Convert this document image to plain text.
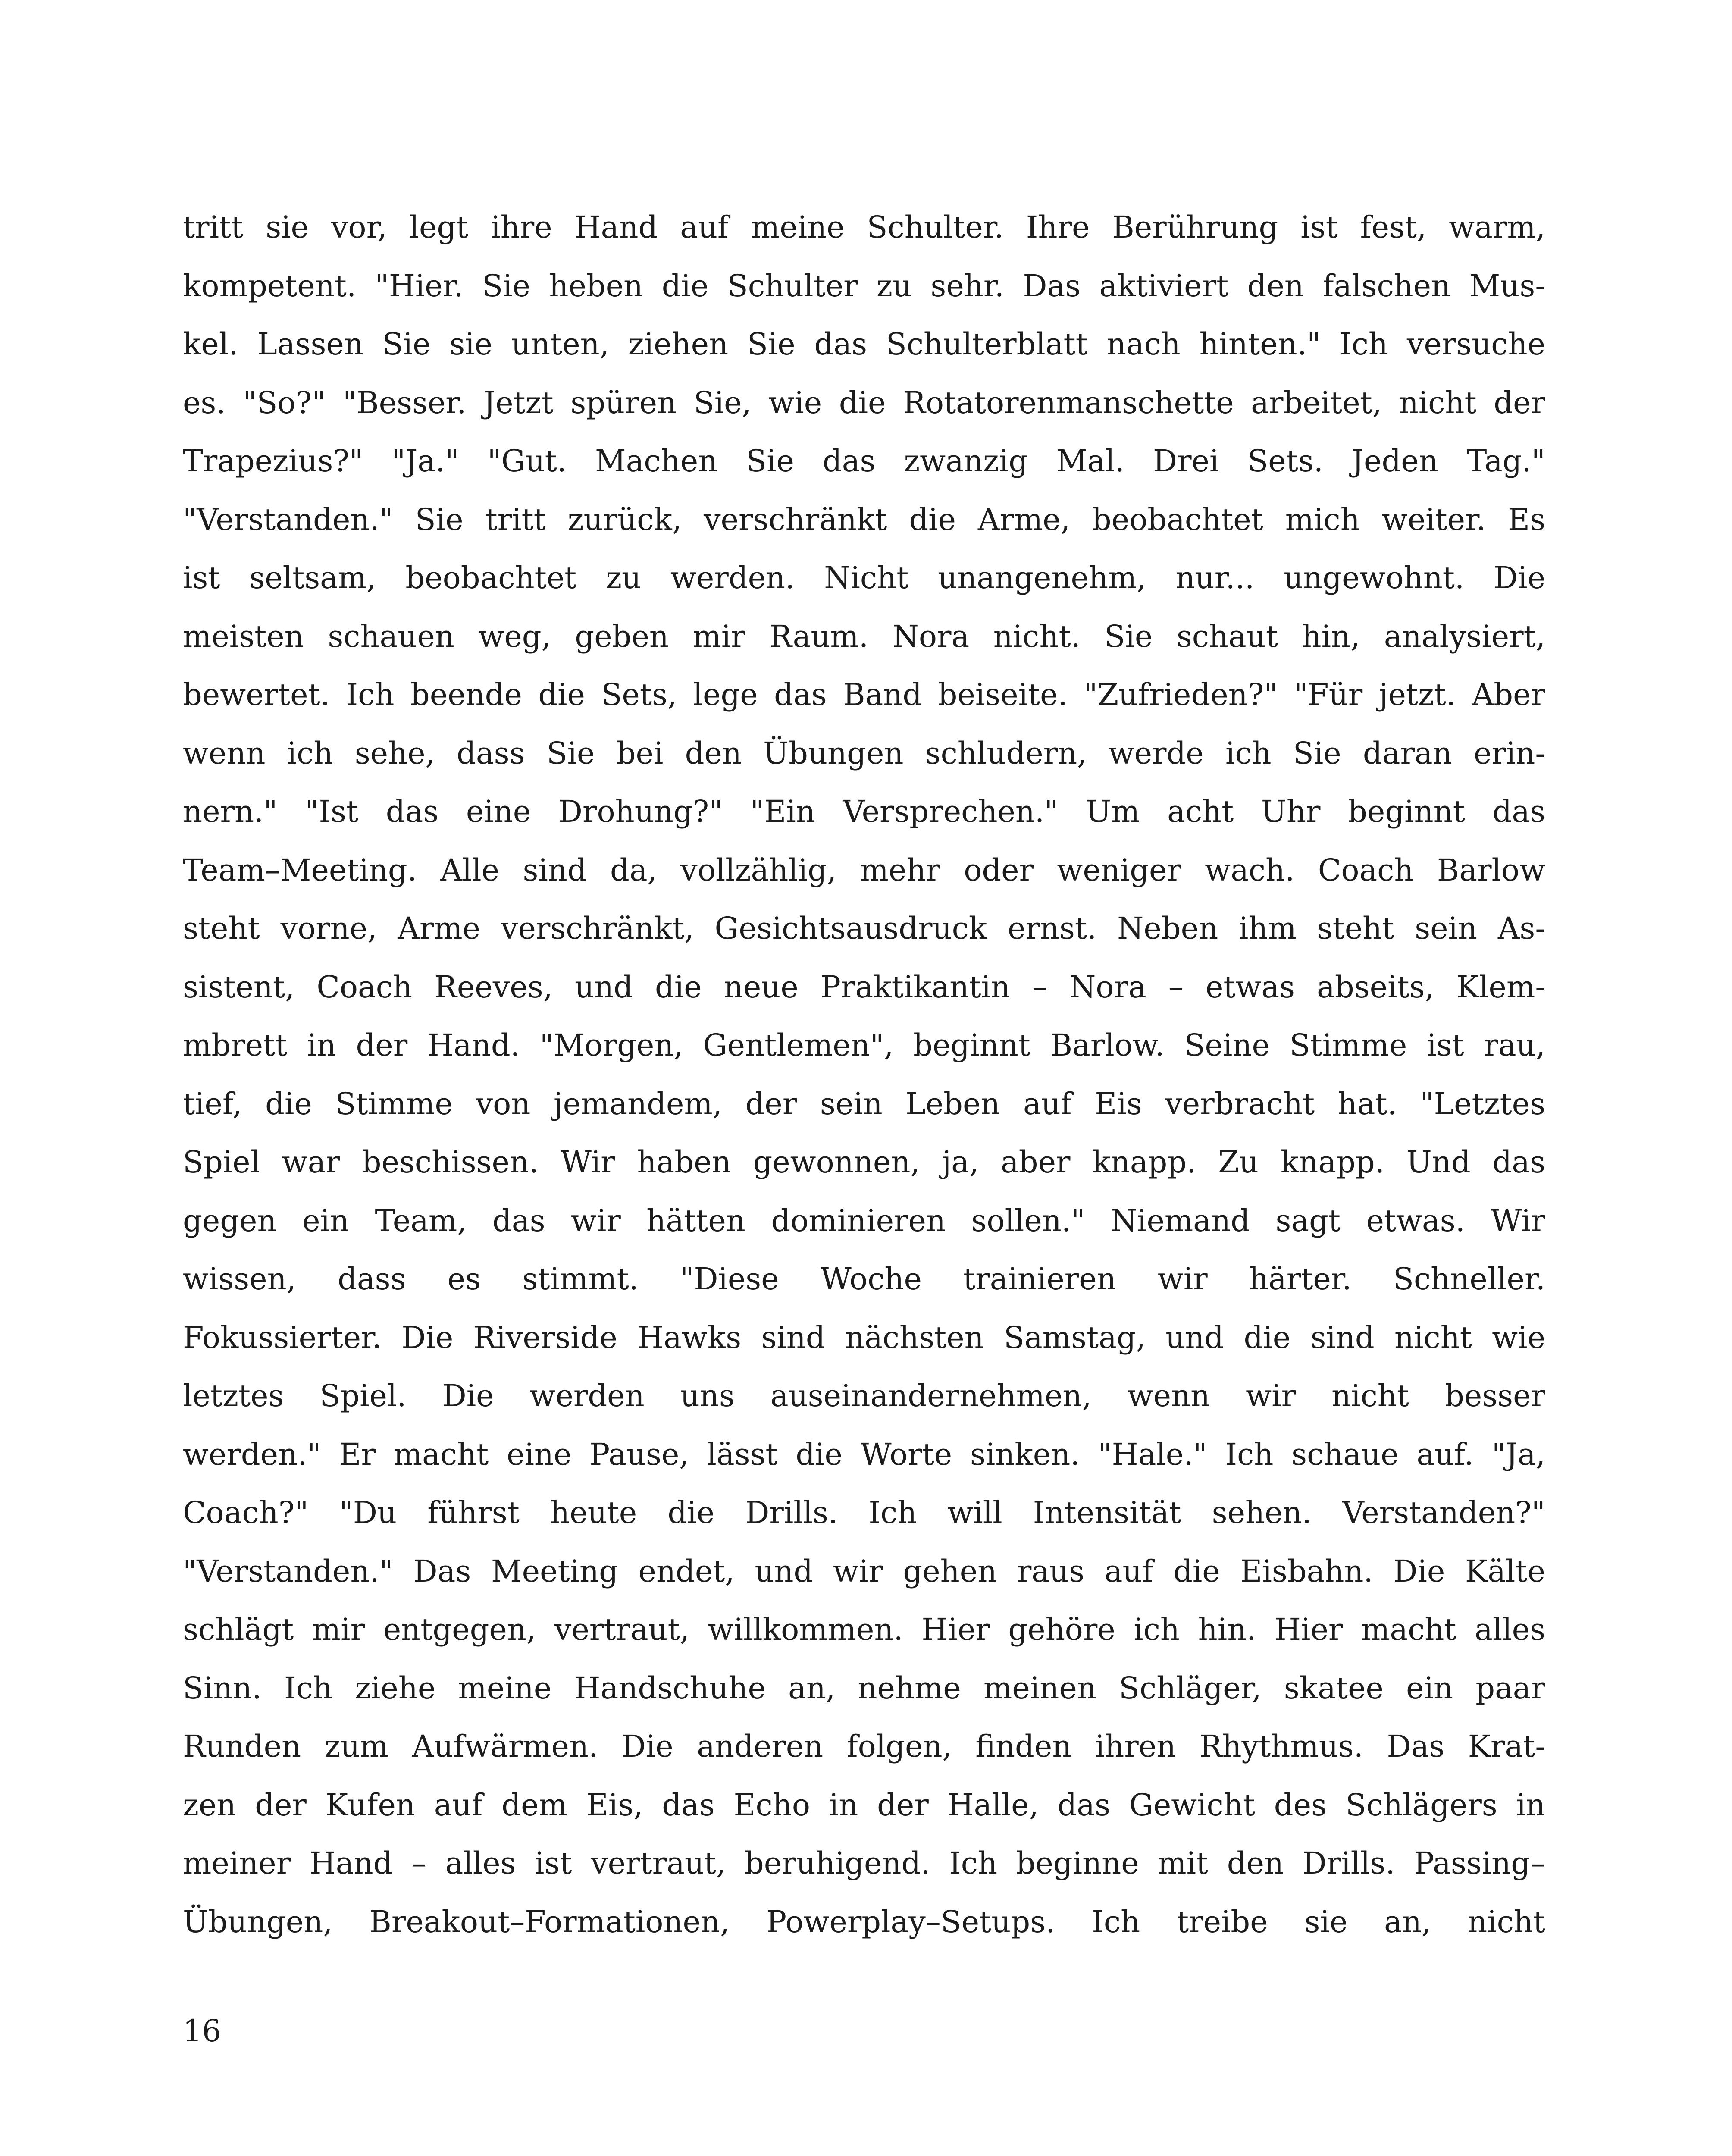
tritt sie vor, legt ihre Hand auf meine Schulter. Ihre Berührung ist fest, warm,
kompetent. "Hier. Sie heben die Schulter zu sehr. Das aktiviert den falschen Mus-
kel. Lassen Sie sie unten, ziehen Sie das Schulterblatt nach hinten." Ich versuche
es. "So?" "Besser. Jetzt spüren Sie, wie die Rotatorenmanschette arbeitet, nicht der
Trapezius?" "Ja." "Gut. Machen Sie das zwanzig Mal. Drei Sets. Jeden Tag."
"Verstanden." Sie tritt zurück, verschränkt die Arme, beobachtet mich weiter. Es
ist seltsam, beobachtet zu werden. Nicht unangenehm, nur... ungewohnt. Die
meisten schauen weg, geben mir Raum. Nora nicht. Sie schaut hin, analysiert,
bewertet. Ich beende die Sets, lege das Band beiseite. "Zufrieden?" "Für jetzt. Aber
wenn ich sehe, dass Sie bei den Übungen schludern, werde ich Sie daran erin-
nern." "Ist das eine Drohung?" "Ein Versprechen." Um acht Uhr beginnt das
Team–Meeting. Alle sind da, vollzählig, mehr oder weniger wach. Coach Barlow
steht vorne, Arme verschränkt, Gesichtsausdruck ernst. Neben ihm steht sein As-
sistent, Coach Reeves, und die neue Praktikantin – Nora – etwas abseits, Klem-
mbrett in der Hand. "Morgen, Gentlemen", beginnt Barlow. Seine Stimme ist rau,
tief, die Stimme von jemandem, der sein Leben auf Eis verbracht hat. "Letztes
Spiel war beschissen. Wir haben gewonnen, ja, aber knapp. Zu knapp. Und das
gegen ein Team, das wir hätten dominieren sollen." Niemand sagt etwas. Wir
wissen, dass es stimmt. "Diese Woche trainieren wir härter. Schneller.
Fokussierter. Die Riverside Hawks sind nächsten Samstag, und die sind nicht wie
letztes Spiel. Die werden uns auseinandernehmen, wenn wir nicht besser
werden." Er macht eine Pause, lässt die Worte sinken. "Hale." Ich schaue auf. "Ja,
Coach?" "Du führst heute die Drills. Ich will Intensität sehen. Verstanden?"
"Verstanden." Das Meeting endet, und wir gehen raus auf die Eisbahn. Die Kälte
schlägt mir entgegen, vertraut, willkommen. Hier gehöre ich hin. Hier macht alles
Sinn. Ich ziehe meine Handschuhe an, nehme meinen Schläger, skatee ein paar
Runden zum Aufwärmen. Die anderen folgen, finden ihren Rhythmus. Das Krat-
zen der Kufen auf dem Eis, das Echo in der Halle, das Gewicht des Schlägers in
meiner Hand – alles ist vertraut, beruhigend. Ich beginne mit den Drills. Passing–
Übungen, Breakout–Formationen, Powerplay–Setups. Ich treibe sie an, nicht
16
